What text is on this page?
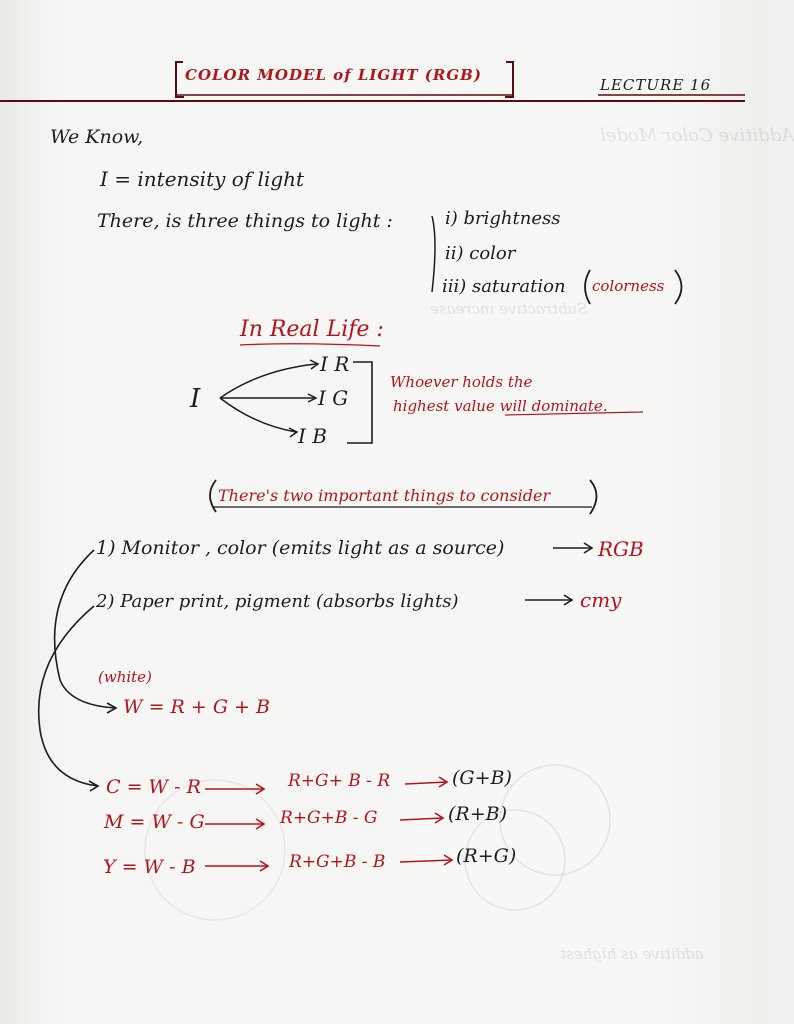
Additive Color Model
Subtractive increase
additive as highest
COLOR MODEL of LIGHT (RGB)
LECTURE 16
We Know,
I = intensity of light
There, is three things to light :	i) brightness
ii) color
iii) saturation colorness
In Real Life :
I
I R
I G
I B
Whoever holds the
highest value will dominate.
There's two important things to consider
1) Monitor , color (emits light as a source)	RGB
2) Paper print, pigment (absorbs lights)	cmy
(white)
W = R + G + B
C = W - R	R+G+ B - R	(G+B)
M = W - G	R+G+B - G	(R+B)
Y = W - B	R+G+B - B	(R+G)
